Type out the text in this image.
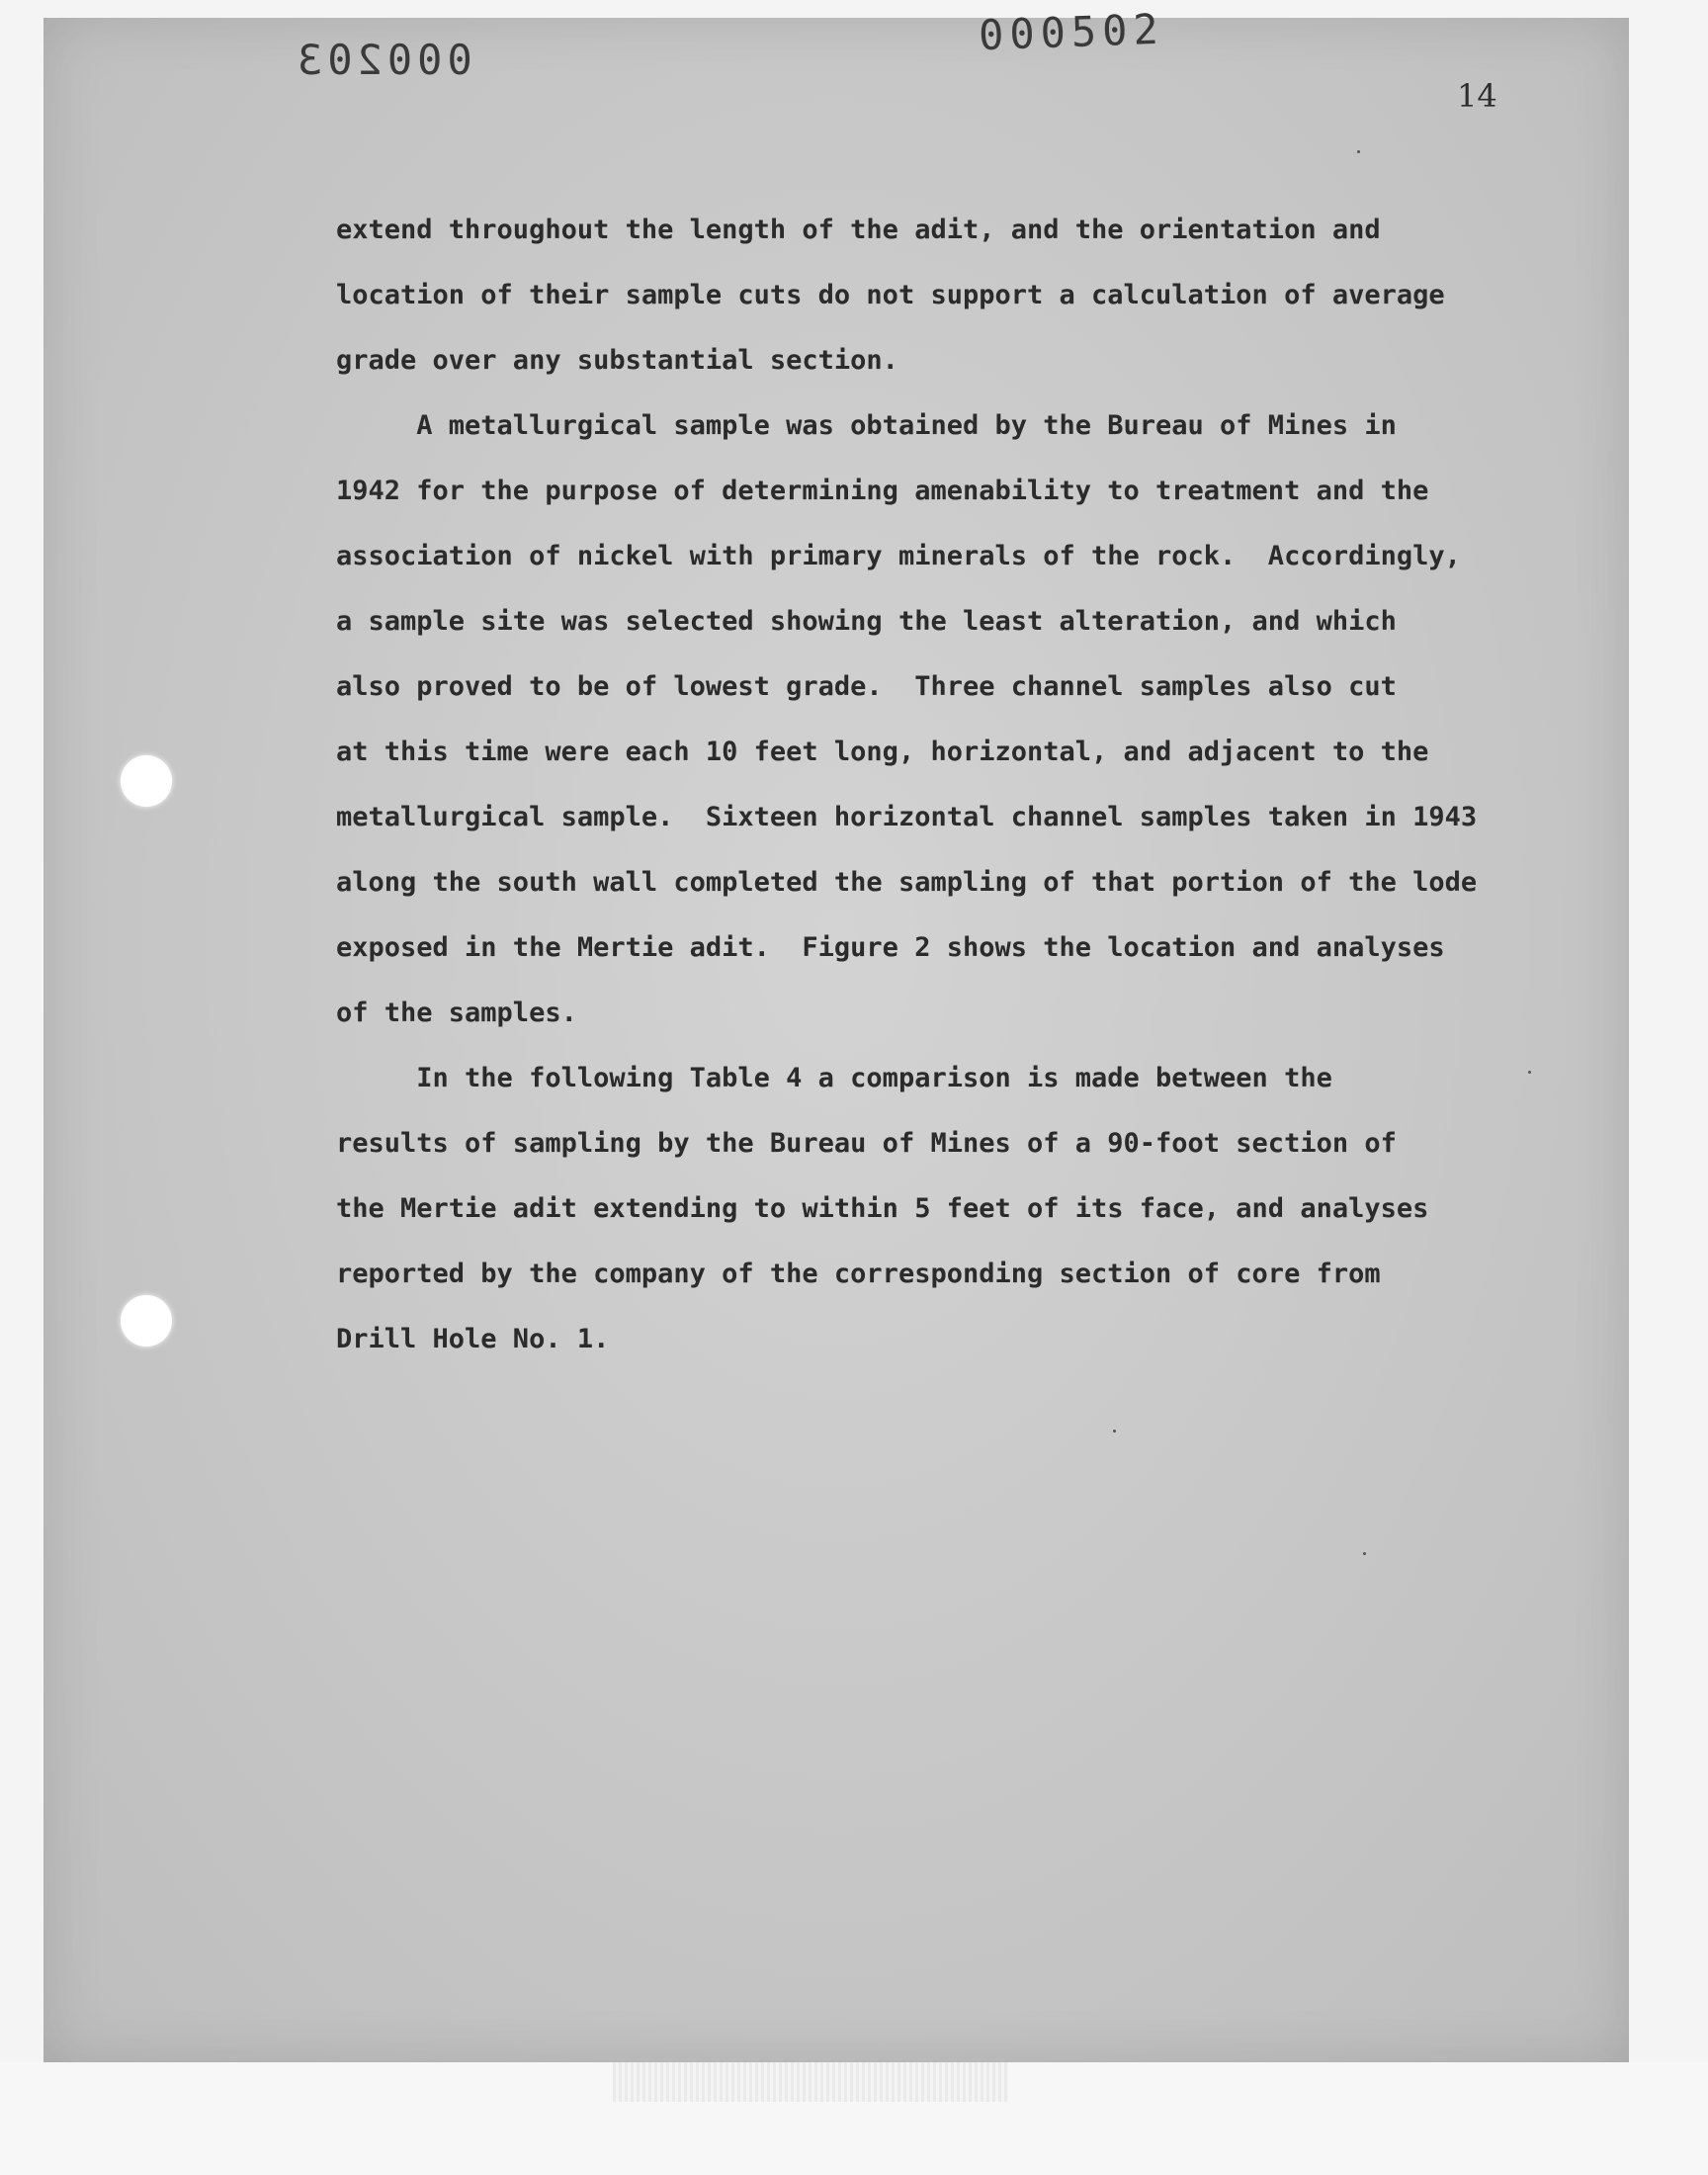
000203
000502
14
extend throughout the length of the adit, and the orientation and
location of their sample cuts do not support a calculation of average
grade over any substantial section.
A metallurgical sample was obtained by the Bureau of Mines in
1942 for the purpose of determining amenability to treatment and the
association of nickel with primary minerals of the rock.  Accordingly,
a sample site was selected showing the least alteration, and which
also proved to be of lowest grade.  Three channel samples also cut
at this time were each 10 feet long, horizontal, and adjacent to the
metallurgical sample.  Sixteen horizontal channel samples taken in 1943
along the south wall completed the sampling of that portion of the lode
exposed in the Mertie adit.  Figure 2 shows the location and analyses
of the samples.
In the following Table 4 a comparison is made between the
results of sampling by the Bureau of Mines of a 90-foot section of
the Mertie adit extending to within 5 feet of its face, and analyses
reported by the company of the corresponding section of core from
Drill Hole No. 1.
